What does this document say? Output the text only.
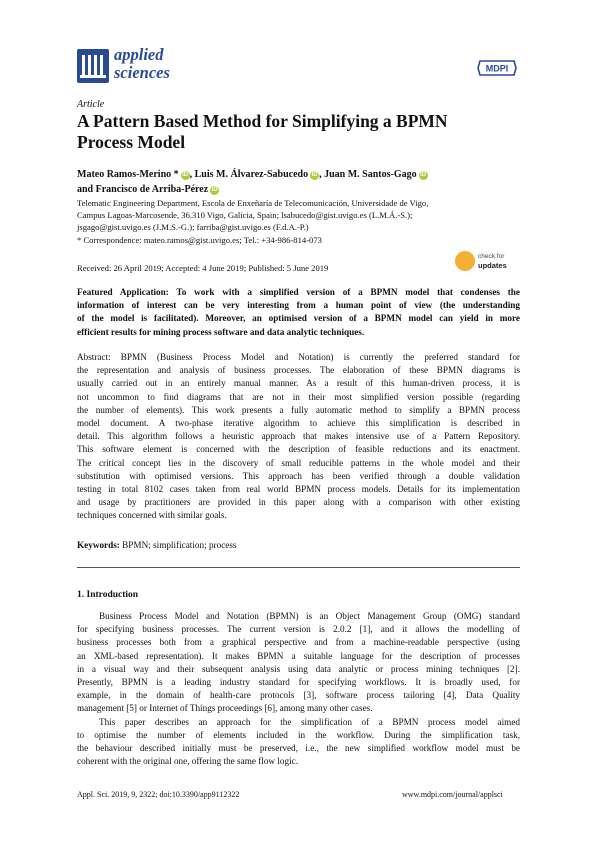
applied
sciences	MDPI
Article
A Pattern Based Method for Simplifying a BPMN
Process Model
Mateo Ramos-Merino * iD , Luis M. Álvarez-Sabucedo iD , Juan M. Santos-Gago iD
and Francisco de Arriba-Pérez iD
Telematic Engineering Department, Escola de Enxeñaría de Telecomunicación, Universidade de Vigo,
Campus Lagoas-Marcosende, 36.310 Vigo, Galicia, Spain; lsabucedo@gist.uvigo.es (L.M.Á.-S.);
jsgago@gist.uvigo.es (J.M.S.-G.); farriba@gist.uvigo.es (F.d.A.-P.)
* Correspondence: mateo.ramos@gist.uvigo.es; Tel.: +34-986-814-073
Received: 26 April 2019; Accepted: 4 June 2019; Published: 5 June 2019
check for
updates
Featured Application: To work with a simplified version of a BPMN model that condenses the
information of interest can be very interesting from a human point of view (the understanding
of the model is facilitated). Moreover, an optimised version of a BPMN model can yield in more
efficient results for mining process software and data analytic techniques.
Abstract: BPMN (Business Process Model and Notation) is currently the preferred standard for
the representation and analysis of business processes. The elaboration of these BPMN diagrams is
usually carried out in an entirely manual manner. As a result of this human-driven process, it is
not uncommon to find diagrams that are not in their most simplified version possible (regarding
the number of elements). This work presents a fully automatic method to simplify a BPMN process
model document. A two-phase iterative algorithm to achieve this simplification is described in
detail. This algorithm follows a heuristic approach that makes intensive use of a Pattern Repository.
This software element is concerned with the description of feasible reductions and its enactment.
The critical concept lies in the discovery of small reducible patterns in the whole model and their
substitution with optimised versions. This approach has been verified through a double validation
testing in total 8102 cases taken from real world BPMN process models. Details for its implementation
and usage by practitioners are provided in this paper along with a comparison with other existing
techniques concerned with similar goals.
Keywords: BPMN; simplification; process
1. Introduction
Business Process Model and Notation (BPMN) is an Object Management Group (OMG) standard
for specifying business processes. The current version is 2.0.2 [1], and it allows the modelling of
business processes both from a graphical perspective and from a machine-readable perspective (using
an XML-based representation). It makes BPMN a suitable language for the description of processes
in a visual way and their subsequent analysis using data analytic or process mining techniques [2].
Presently, BPMN is a leading industry standard for specifying workflows. It is broadly used, for
example, in the domain of health-care protocols [3], software process tailoring [4], Data Quality
management [5] or Internet of Things proceedings [6], among many other cases.
This paper describes an approach for the simplification of a BPMN process model aimed
to optimise the number of elements included in the workflow. During the simplification task,
the behaviour described initially must be preserved, i.e., the new simplified workflow model must be
coherent with the original one, offering the same flow logic.
Appl. Sci. 2019, 9, 2322; doi:10.3390/app9112322	www.mdpi.com/journal/applsci
